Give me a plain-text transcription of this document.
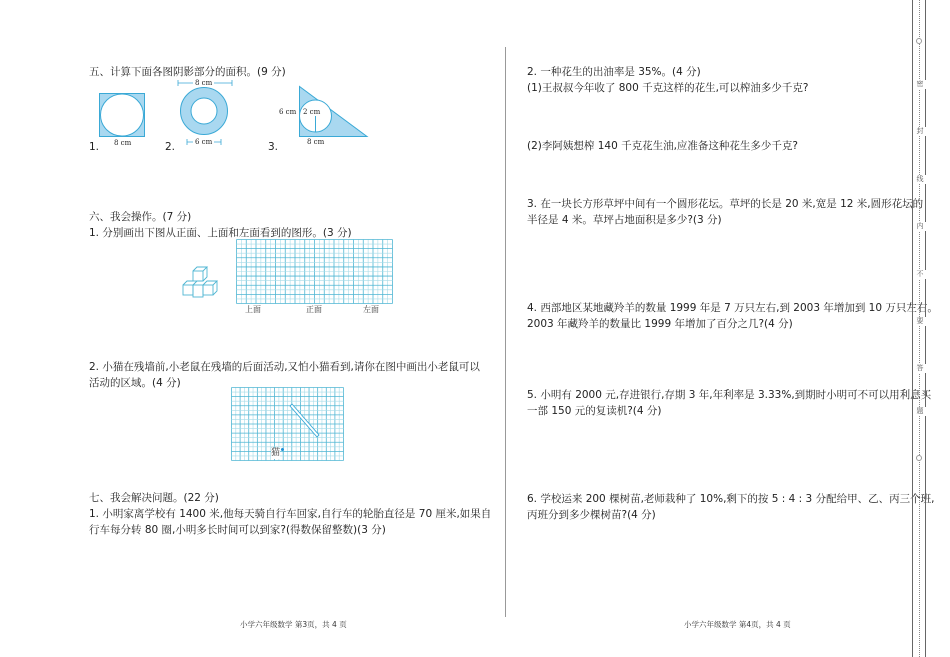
五、计算下面各图阴影部分的面积。(9 分)
1. 8 cm
8 cm
2.	6 cm
6 cm 2 cm
3.	8 cm
六、我会操作。(7 分)
1. 分别画出下图从正面、上面和左面看到的图形。(3 分)
上面	正面	左面
2. 小猫在残墙前,小老鼠在残墙的后面活动,又怕小猫看到,请你在图中画出小老鼠可以
活动的区域。(4 分)
猫
七、我会解决问题。(22 分)
1. 小明家离学校有 1400 米,他每天骑自行车回家,自行车的轮胎直径是 70 厘米,如果自
行车每分转 80 圈,小明多长时间可以到家?(得数保留整数)(3 分)
小学六年级数学 第3页，共 4 页
2. 一种花生的出油率是 35%。(4 分)
(1)王叔叔今年收了 800 千克这样的花生,可以榨油多少千克?
(2)李阿姨想榨 140 千克花生油,应准备这种花生多少千克?
3. 在一块长方形草坪中间有一个圆形花坛。草坪的长是 20 米,宽是 12 米,圆形花坛的
半径是 4 米。草坪占地面积是多少?(3 分)
4. 西部地区某地藏羚羊的数量 1999 年是 7 万只左右,到 2003 年增加到 10 万只左右。
2003 年藏羚羊的数量比 1999 年增加了百分之几?(4 分)
5. 小明有 2000 元,存进银行,存期 3 年,年利率是 3.33%,到期时小明可不可以用利息买
一部 150 元的复读机?(4 分)
6. 学校运来 200 棵树苗,老师栽种了 10%,剩下的按 5 : 4 : 3 分配给甲、乙、丙三个班,
丙班分到多少棵树苗?(4 分)
小学六年级数学 第4页，共 4 页
密
封
线
内
不
要
答
题
